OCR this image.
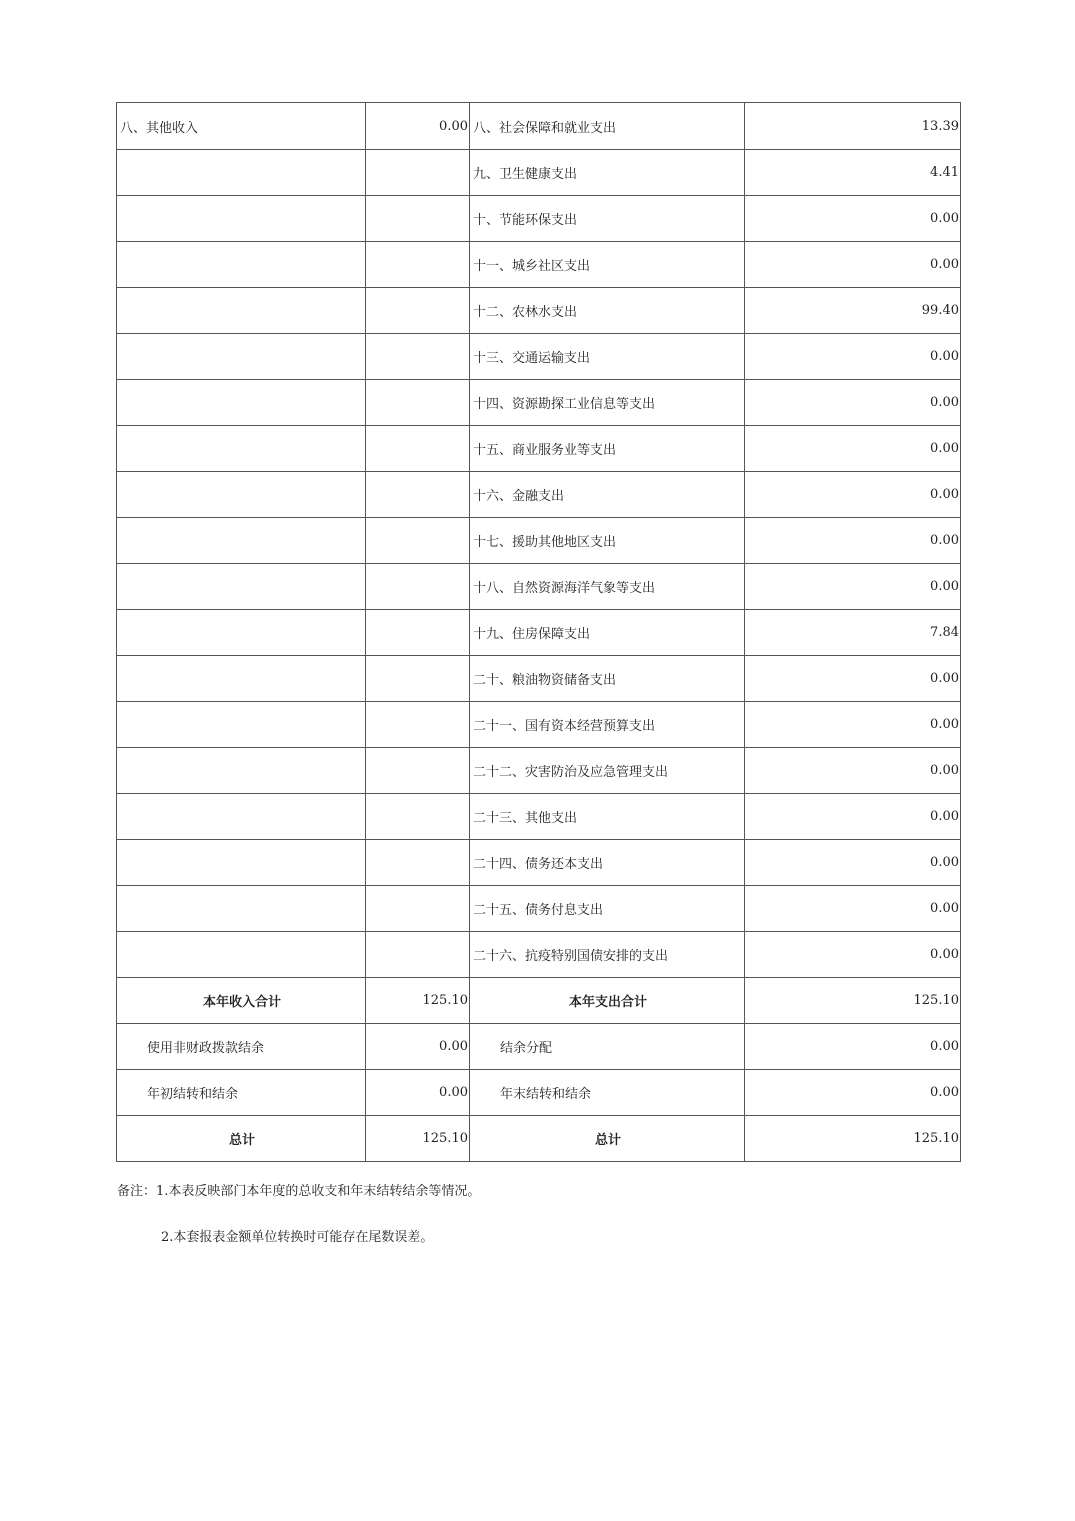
八、其他收入	0.00	八、社会保障和就业支出	13.39
		九、卫生健康支出	4.41
		十、节能环保支出	0.00
		十一、城乡社区支出	0.00
		十二、农林水支出	99.40
		十三、交通运输支出	0.00
		十四、资源勘探工业信息等支出	0.00
		十五、商业服务业等支出	0.00
		十六、金融支出	0.00
		十七、援助其他地区支出	0.00
		十八、自然资源海洋气象等支出	0.00
		十九、住房保障支出	7.84
		二十、粮油物资储备支出	0.00
		二十一、国有资本经营预算支出	0.00
		二十二、灾害防治及应急管理支出	0.00
		二十三、其他支出	0.00
		二十四、债务还本支出	0.00
		二十五、债务付息支出	0.00
		二十六、抗疫特别国债安排的支出	0.00
本年收入合计	125.10	本年支出合计	125.10
使用非财政拨款结余	0.00	结余分配	0.00
年初结转和结余	0.00	年末结转和结余	0.00
总计	125.10	总计	125.10
备注：1.本表反映部门本年度的总收支和年末结转结余等情况。
2.本套报表金额单位转换时可能存在尾数误差。
